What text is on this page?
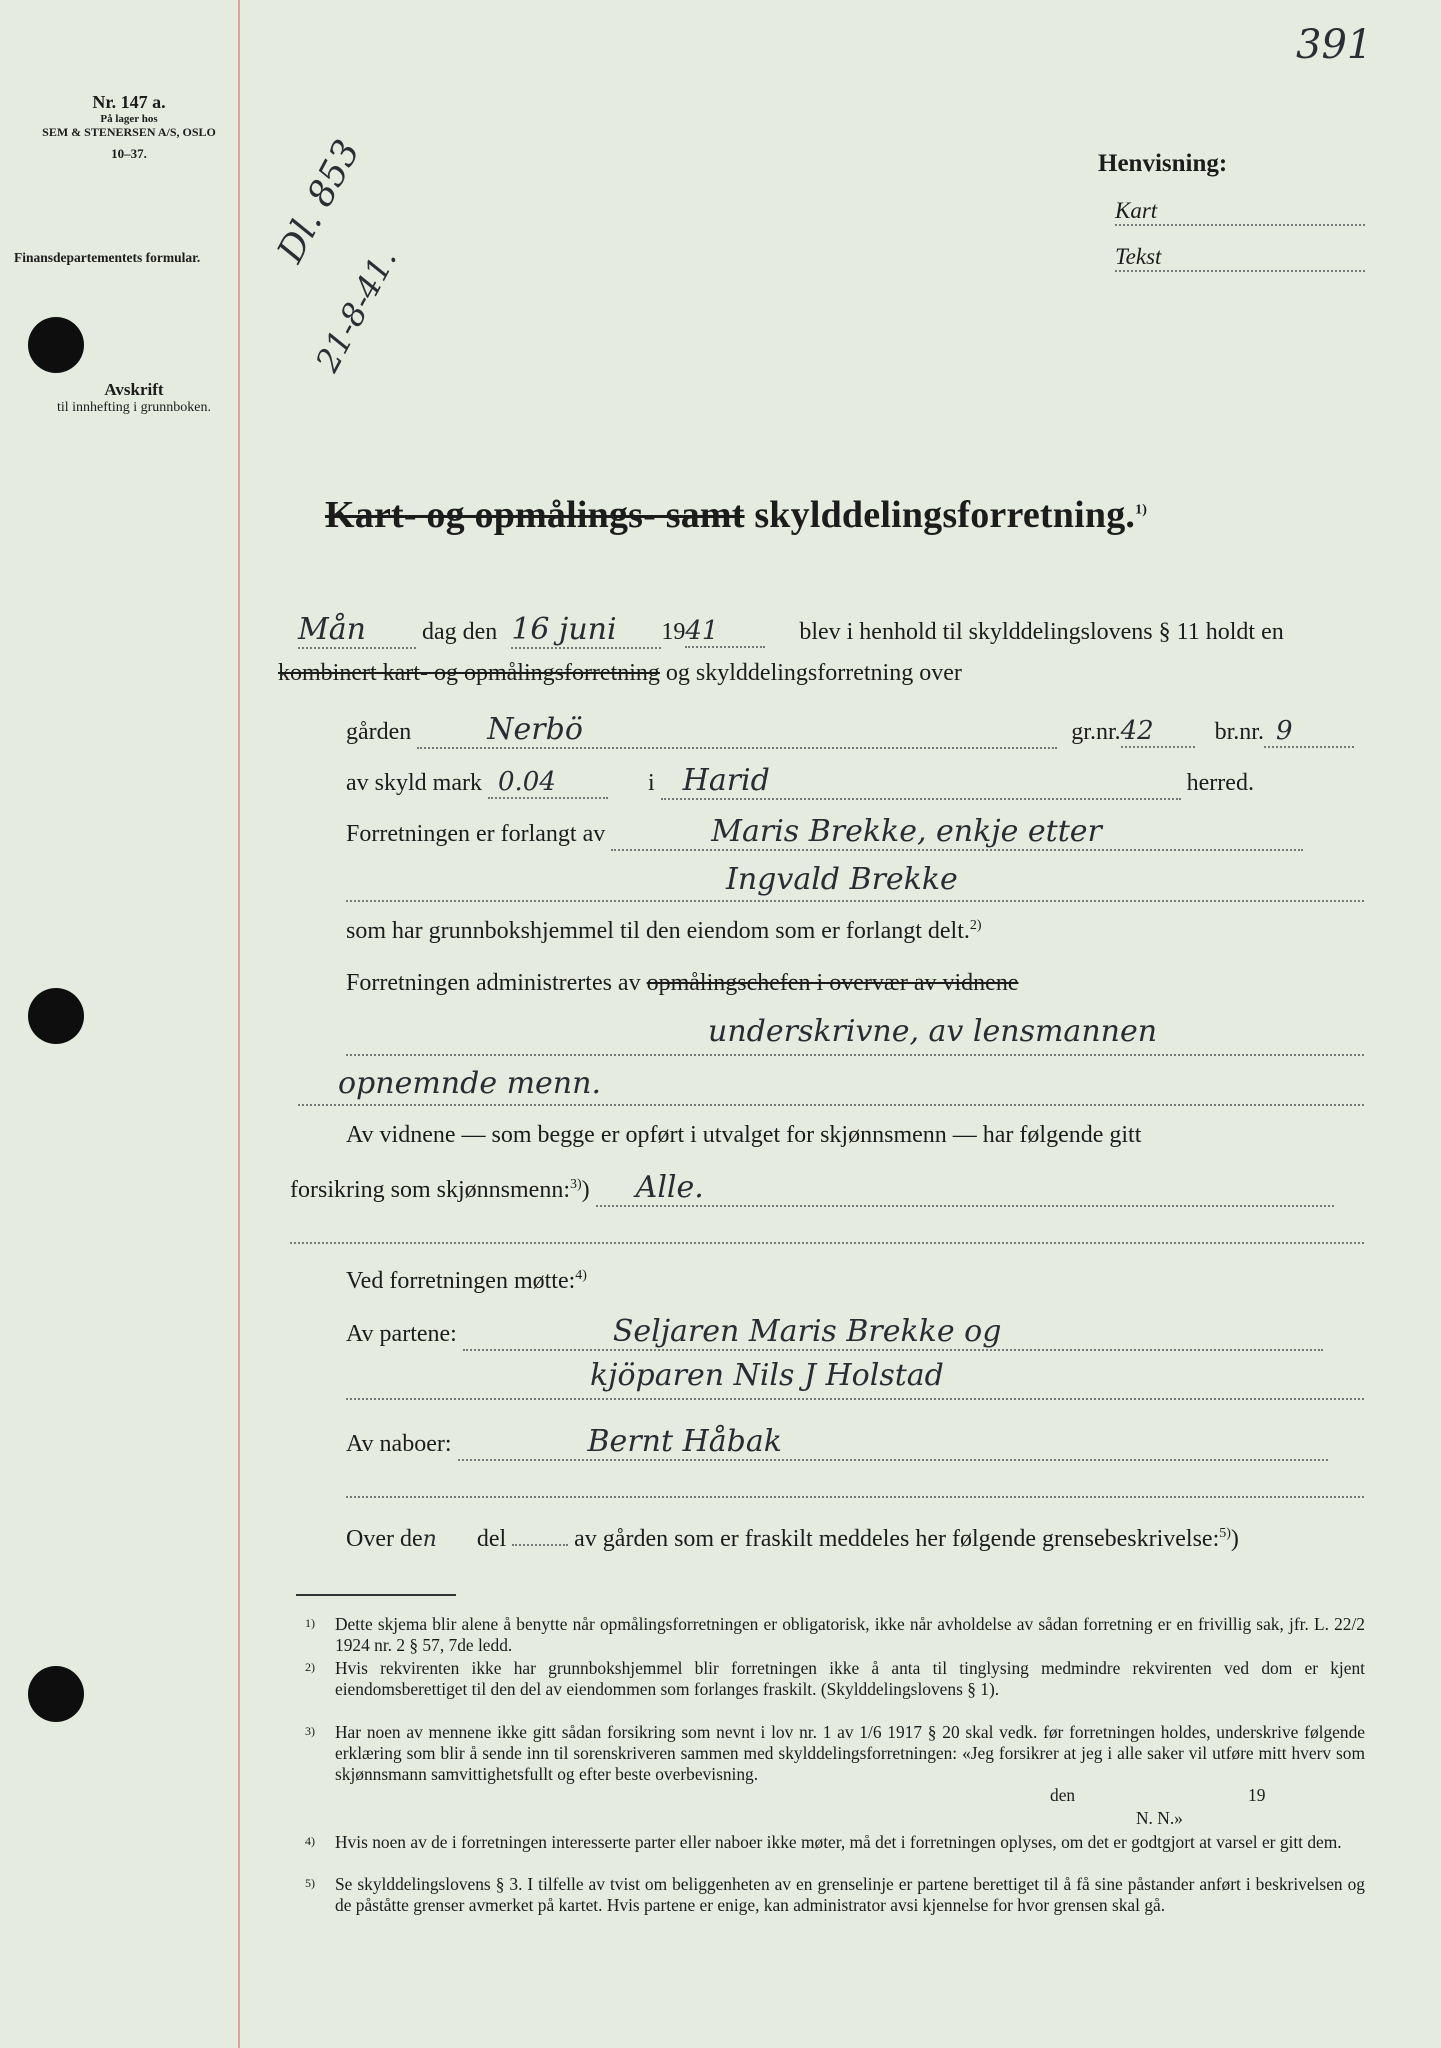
391
Nr. 147 a.
På lager hos
SEM & STENERSEN A/S, OSLO
10–37.
Finansdepartementets formular.
Avskrift
til innhefting i grunnboken.
Dl. 853
21-8-41.
Henvisning:
Kart
Tekst
Kart- og opmålings- samt skylddelingsforretning.$^{1)}$
Mån dag den 16 juni 1941	blev i henhold til skylddelingslovens § 11 holdt en
kombinert kart- og opmålingsforretning og skylddelingsforretning over
gården	Nerbö	gr.nr.42	br.nr. 9
av skyld mark 0.04	i Harid	herred.
Forretningen er forlangt av	Maris Brekke, enkje etter
Ingvald Brekke
som har grunnbokshjemmel til den eiendom som er forlangt delt.$^{2)}$
Forretningen administrertes av opmålingschefen i overvær av vidnene
underskrivne, av lensmannen
opnemnde menn.
Av vidnene — som begge er opført i utvalget for skjønnsmenn — har følgende gitt
forsikring som skjønnsmenn:$^{3)}$) Alle.
Ved forretningen møtte:$^{4)}$
Av partene:	Seljaren Maris Brekke og
kjöparen Nils J Holstad
Av naboer:	Bernt Håbak
Over den del	av gården som er fraskilt meddeles her følgende grensebeskrivelse:$^{5)}$)
1) Dette skjema blir alene å benytte når opmålingsforretningen er obligatorisk, ikke når avholdelse av sådan forretning er en frivillig sak, jfr. L. 22/2 1924 nr. 2 § 57, 7de ledd.
2) Hvis rekvirenten ikke har grunnbokshjemmel blir forretningen ikke å anta til tinglysing medmindre rekvirenten ved dom er kjent eiendomsberettiget til den del av eiendommen som forlanges fraskilt. (Skylddelingslovens § 1).
3) Har noen av mennene ikke gitt sådan forsikring som nevnt i lov nr. 1 av 1/6 1917 § 20 skal vedk. før forretningen holdes, underskrive følgende erklæring som blir å sende inn til sorenskriveren sammen med skylddelingsforretningen: «Jeg forsikrer at jeg i alle saker vil utføre mitt hverv som skjønnsmann samvittighetsfullt og efter beste overbevisning.
den	19
N. N.»
4) Hvis noen av de i forretningen interesserte parter eller naboer ikke møter, må det i forretningen oplyses, om det er godtgjort at varsel er gitt dem.
5) Se skylddelingslovens § 3. I tilfelle av tvist om beliggenheten av en grenselinje er partene berettiget til å få sine påstander anført i beskrivelsen og de påståtte grenser avmerket på kartet. Hvis partene er enige, kan administrator avsi kjennelse for hvor grensen skal gå.
